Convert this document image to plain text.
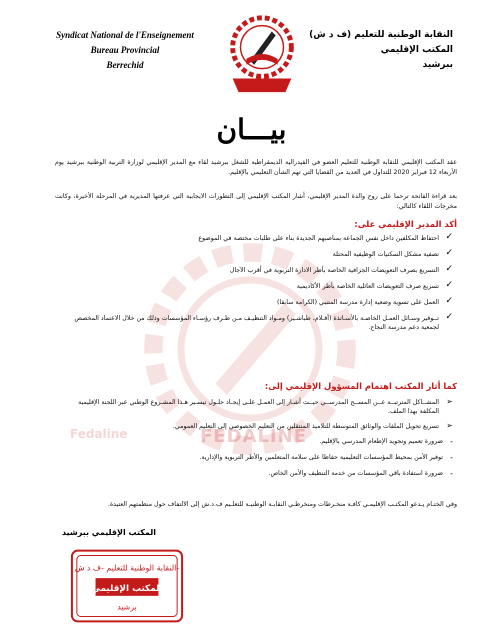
Syndicat National de l'Enseignement
Bureau Provincial
Berrechid
النقابة الوطنية للتعليم (ف د ش)
المكتب الإقليمي
ببرشيد
FEDALINE
Fedaline
بيـــان
عقد المكتب الإقليمي للنقابة الوطنية للتعليم العضو في الفيدرالية الديمقراطية للشغل ببرشيد لقاء مع المدير الإقليمي لوزارة التربية الوطنية ببرشيد يوم الأربعاء 12 فبراير 2020 للتداول في العديد من القضايا التي تهم الشأن التعليمي بالإقليم.
بعد قراءة الفاتحة ترحما على روح والدة المدير الإقليمي، أشار المكتب الإقليمي إلى التطورات الايجابية التي عرفتها المديرية في المرحلة الأخيرة، وكانت مخرجات اللقاء كالتالي:
أكد المدير الإقليمي على:
✓
احتفاظ المكلفين داخل نفس الجماعة بمناصبهم الجديدة بناء على طلبات مختصة في الموضوع
✓
تصفية مشكل السكنيات الوظيفية المحتلة
✓
التسريع بصرف التعويضات الجزافية الخاصة بأطر الادارة التربوية في أقرب الآجال
✓
تسريع صرف التعويضات العائلية الخاصة بأطر الأكاديمية
✓
العمل على تسوية وضعية إدارة مدرسة المتنبي (الكرامة سابقا)
✓
تــوفير وسـائل العمـل الخاصـة بالأسـاتذة (أقـلام، طباشـير) ومـواد التنظيـف مـن طـرف رؤسـاء المؤسسات وذلك من خلال الاعتماد المخصص لجمعية دعم مدرسة النجاح.
كما أثار المكتب اهتمام المسؤول الإقليمي إلى:
➢
المشــاكل المترتبــة عــن المســح المدرســي حيــث أشـار إلى العمـل علـى إيجـاد حلـول تيسـير هـذا المشـروع الوطني عبر اللجنة الإقليمية المكلفة بهذا الملف.
➢
تسريع تحويل الملفات والوثائق المتوسطة للتلاميذ المنتقلين من التعليم الخصوصي إلى التعليم العمومي.
-
ضرورة تعميم وتجويد الإطعام المدرسي بالإقليم.
-
توفير الأمن بمحيط المؤسسات التعليمية حفاظا على سلامة المتعلمين والأطر التربوية والإدارية.
-
ضرورة استفادة باقي المؤسسات من خدمة التنظيف والأمن الخاص.
وفي الختـام يـدعو المكتـب الإقليمـي كافـة منخـرطات ومنخرطـي النقابـة الوطنيـة للتعلـيم ف.د.ش إلى الالتفاف حول منظمتهم العتيدة.
المكتب الإقليمي ببرشيد
النقابة الوطنية للتعليم -ف د ش-
المكتب الإقليمي
برشيد
